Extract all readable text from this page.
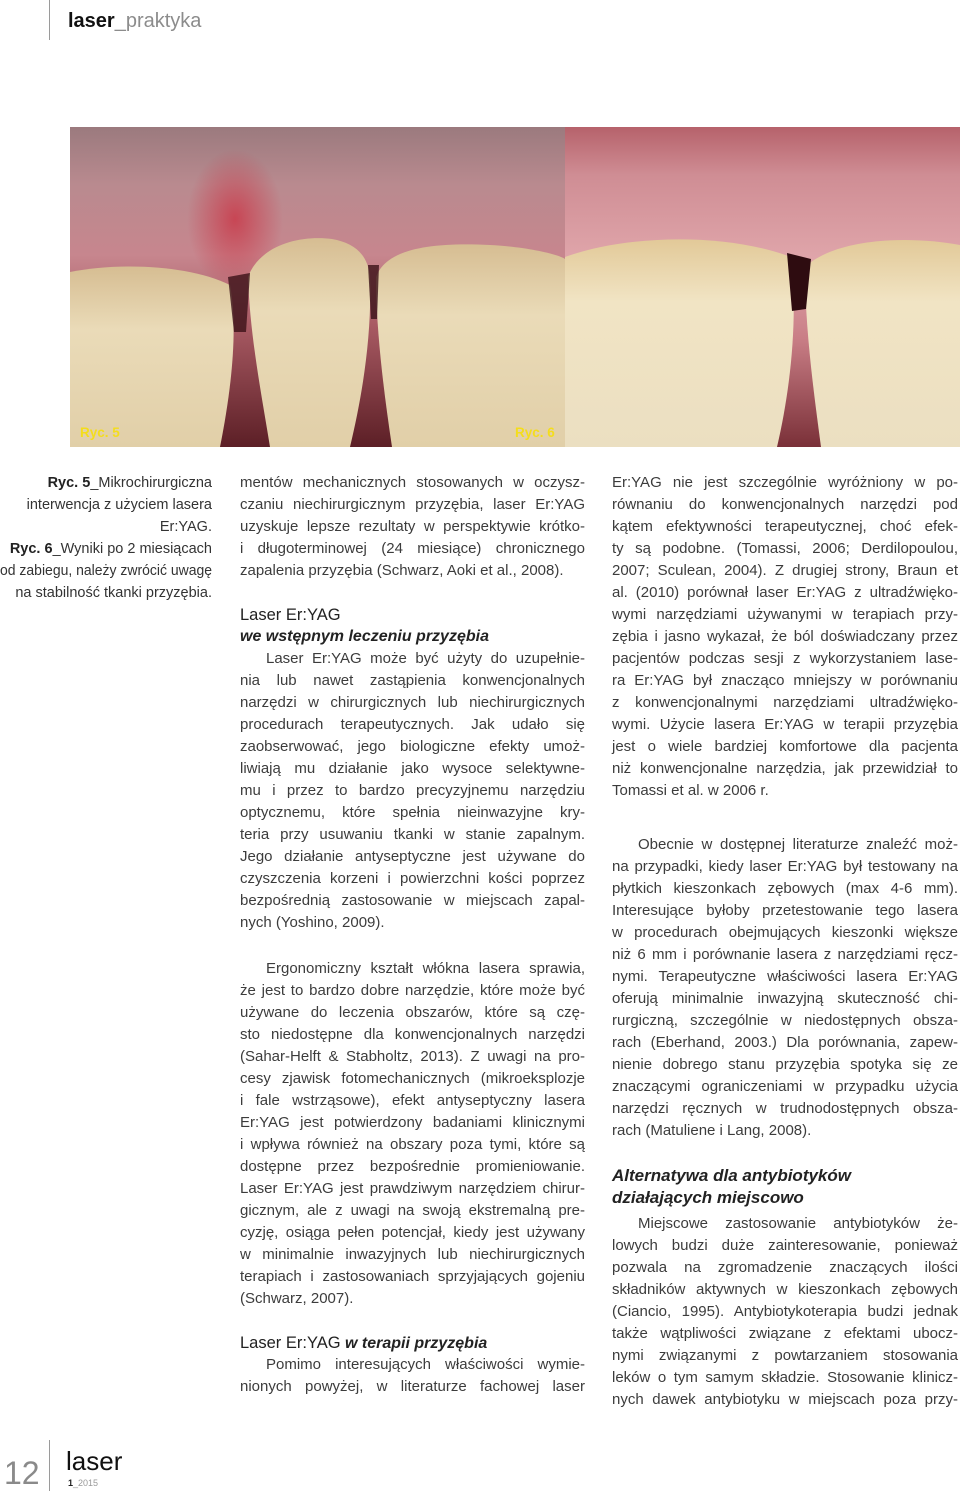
laser_praktyka
Ryc. 5	Ryc. 6
Ryc. 5_Mikrochirurgiczna
interwencja z użyciem lasera
Er:YAG.
Ryc. 6_Wyniki po 2 miesiącach
od zabiegu, należy zwrócić uwagę
na stabilność tkanki przyzębia.
mentów mechanicznych stosowanych w oczysz-
czaniu niechirurgicznym przyzębia, laser Er:YAG
uzyskuje lepsze rezultaty w perspektywie krótko-
i długoterminowej (24 miesiące) chronicznego
zapalenia przyzębia (Schwarz, Aoki et al., 2008).
Laser Er:YAG
we wstępnym leczeniu przyzębia
Laser Er:YAG może być użyty do uzupełnie-
nia lub nawet zastąpienia konwencjonalnych
narzędzi w chirurgicznych lub niechirurgicznych
procedurach terapeutycznych. Jak udało się
zaobserwować, jego biologiczne efekty umoż-
liwiają mu działanie jako wysoce selektywne-
mu i przez to bardzo precyzyjnemu narzędziu
optycznemu, które spełnia nieinwazyjne kry-
teria przy usuwaniu tkanki w stanie zapalnym.
Jego działanie antyseptyczne jest używane do
czyszczenia korzeni i powierzchni kości poprzez
bezpośrednią zastosowanie w miejscach zapal-
nych (Yoshino, 2009).
Ergonomiczny kształt włókna lasera sprawia,
że jest to bardzo dobre narzędzie, które może być
używane do leczenia obszarów, które są czę-
sto niedostępne dla konwencjonalnych narzędzi
(Sahar-Helft & Stabholtz, 2013). Z uwagi na pro-
cesy zjawisk fotomechanicznych (mikroeksplozje
i fale wstrząsowe), efekt antyseptyczny lasera
Er:YAG jest potwierdzony badaniami klinicznymi
i wpływa również na obszary poza tymi, które są
dostępne przez bezpośrednie promieniowanie.
Laser Er:YAG jest prawdziwym narzędziem chirur-
gicznym, ale z uwagi na swoją ekstremalną pre-
cyzję, osiąga pełen potencjał, kiedy jest używany
w minimalnie inwazyjnych lub niechirurgicznych
terapiach i zastosowaniach sprzyjających gojeniu
(Schwarz, 2007).
Laser Er:YAG w terapii przyzębia
Pomimo interesujących właściwości wymie-
nionych powyżej, w literaturze fachowej laser
Er:YAG nie jest szczególnie wyróżniony w po-
równaniu do konwencjonalnych narzędzi pod
kątem efektywności terapeutycznej, choć efek-
ty są podobne. (Tomassi, 2006; Derdilopoulou,
2007; Sculean, 2004). Z drugiej strony, Braun et
al. (2010) porównał laser Er:YAG z ultradźwięko-
wymi narzędziami używanymi w terapiach przy-
zębia i jasno wykazał, że ból doświadczany przez
pacjentów podczas sesji z wykorzystaniem lase-
ra Er:YAG był znacząco mniejszy w porównaniu
z konwencjonalnymi narzędziami ultradźwięko-
wymi. Użycie lasera Er:YAG w terapii przyzębia
jest o wiele bardziej komfortowe dla pacjenta
niż konwencjonalne narzędzia, jak przewidział to
Tomassi et al. w 2006 r.
Obecnie w dostępnej literaturze znaleźć moż-
na przypadki, kiedy laser Er:YAG był testowany na
płytkich kieszonkach zębowych (max 4-6 mm).
Interesujące byłoby przetestowanie tego lasera
w procedurach obejmujących kieszonki większe
niż 6 mm i porównanie lasera z narzędziami ręcz-
nymi. Terapeutyczne właściwości lasera Er:YAG
oferują minimalnie inwazyjną skuteczność chi-
rurgiczną, szczególnie w niedostępnych obsza-
rach (Eberhand, 2003.) Dla porównania, zapew-
nienie dobrego stanu przyzębia spotyka się ze
znaczącymi ograniczeniami w przypadku użycia
narzędzi ręcznych w trudnodostępnych obsza-
rach (Matuliene i Lang, 2008).
Alternatywa dla antybiotyków
działających miejscowo
Miejscowe zastosowanie antybiotyków że-
lowych budzi duże zainteresowanie, ponieważ
pozwala na zgromadzenie znaczących ilości
składników aktywnych w kieszonkach zębowych
(Ciancio, 1995). Antybiotykoterapia budzi jednak
także wątpliwości związane z efektami ubocz-
nymi związanymi z powtarzaniem stosowania
leków o tym samym składzie. Stosowanie klinicz-
nych dawek antybiotyku w miejscach poza przy-
12 laser
1_2015
